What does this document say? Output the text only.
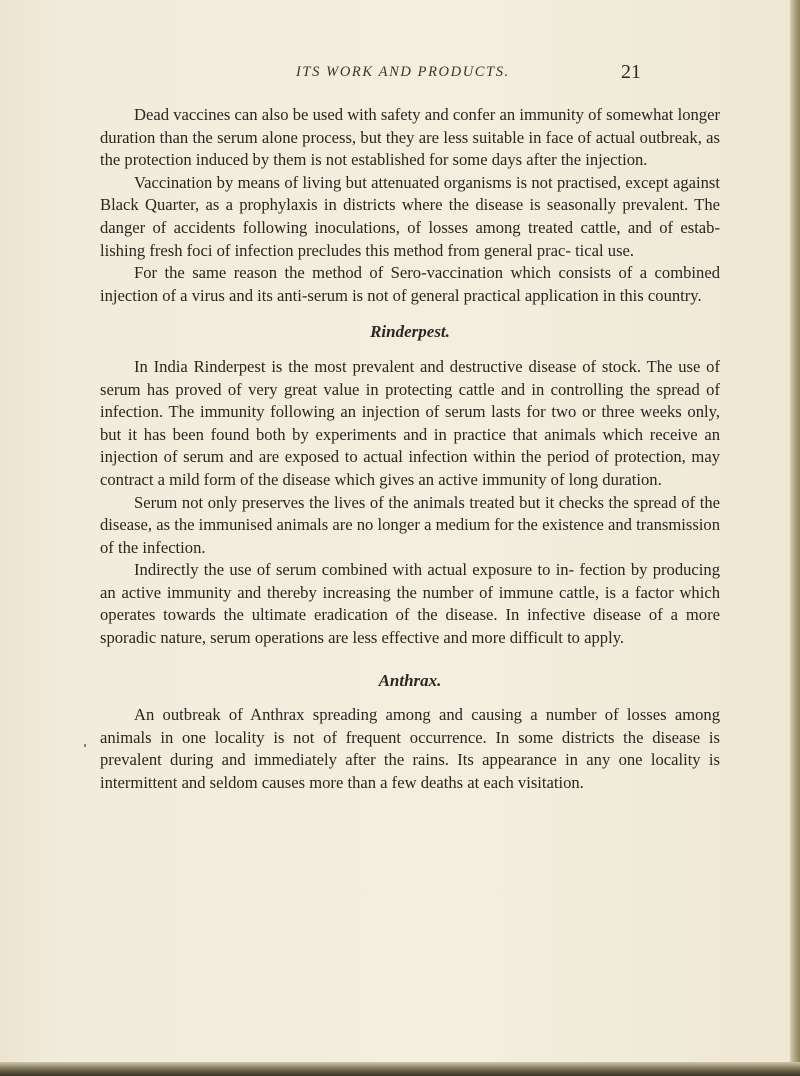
ITS WORK AND PRODUCTS.	21

Dead vaccines can also be used with safety and confer an immunity of somewhat longer duration than the serum alone process, but they are less suitable in face of actual outbreak, as the protection induced by them is not established for some days after the injection.

Vaccination by means of living but attenuated organisms is not practised, except against Black Quarter, as a prophylaxis in districts where the disease is seasonally prevalent. The danger of accidents following inoculations, of losses among treated cattle, and of estab- lishing fresh foci of infection precludes this method from general prac- tical use.

For the same reason the method of Sero-vaccination which consists of a combined injection of a virus and its anti-serum is not of general practical application in this country.

Rinderpest.

In India Rinderpest is the most prevalent and destructive disease of stock. The use of serum has proved of very great value in protecting cattle and in controlling the spread of infection. The immunity following an injection of serum lasts for two or three weeks only, but it has been found both by experiments and in practice that animals which receive an injection of serum and are exposed to actual infection within the period of protection, may contract a mild form of the disease which gives an active immunity of long duration.

Serum not only preserves the lives of the animals treated but it checks the spread of the disease, as the immunised animals are no longer a medium for the existence and transmission of the infection.

Indirectly the use of serum combined with actual exposure to in- fection by producing an active immunity and thereby increasing the number of immune cattle, is a factor which operates towards the ultimate eradication of the disease. In infective disease of a more sporadic nature, serum operations are less effective and more difficult to apply.

Anthrax.

An outbreak of Anthrax spreading among and causing a number of losses among animals in one locality is not of frequent occurrence. In some districts the disease is prevalent during and immediately after the rains. Its appearance in any one locality is intermittent and seldom causes more than a few deaths at each visitation.
